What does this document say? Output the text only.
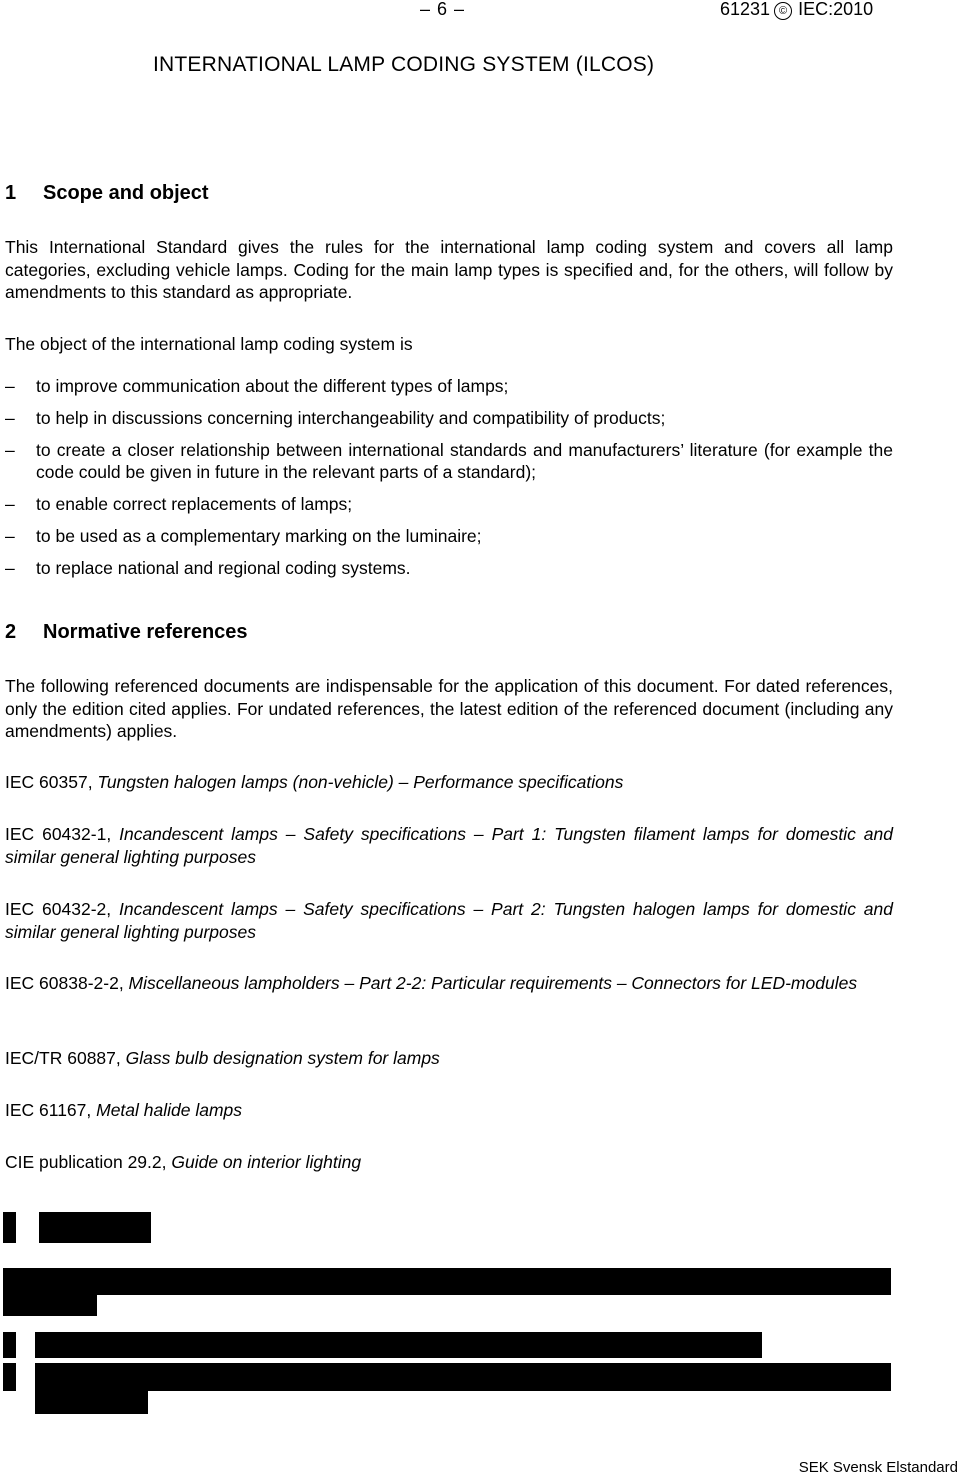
– 6 –	61231 © IEC:2010
INTERNATIONAL LAMP CODING SYSTEM (ILCOS)
1 Scope and object
This International Standard gives the rules for the international lamp coding system and covers all lamp categories, excluding vehicle lamps. Coding for the main lamp types is specified and, for the others, will follow by amendments to this standard as appropriate.
The object of the international lamp coding system is
– to improve communication about the different types of lamps;
– to help in discussions concerning interchangeability and compatibility of products;
– to create a closer relationship between international standards and manufacturers’ literature (for example the code could be given in future in the relevant parts of a standard);
– to enable correct replacements of lamps;
– to be used as a complementary marking on the luminaire;
– to replace national and regional coding systems.
2 Normative references
The following referenced documents are indispensable for the application of this document. For dated references, only the edition cited applies. For undated references, the latest edition of the referenced document (including any amendments) applies.
IEC 60357, Tungsten halogen lamps (non-vehicle) – Performance specifications
IEC 60432-1, Incandescent lamps – Safety specifications – Part 1: Tungsten filament lamps for domestic and similar general lighting purposes
IEC 60432-2, Incandescent lamps – Safety specifications – Part 2: Tungsten halogen lamps for domestic and similar general lighting purposes
IEC 60838-2-2, Miscellaneous lampholders – Part 2-2: Particular requirements – Connectors for LED-modules
IEC/TR 60887, Glass bulb designation system for lamps
IEC 61167, Metal halide lamps
CIE publication 29.2, Guide on interior lighting
SEK Svensk Elstandard
